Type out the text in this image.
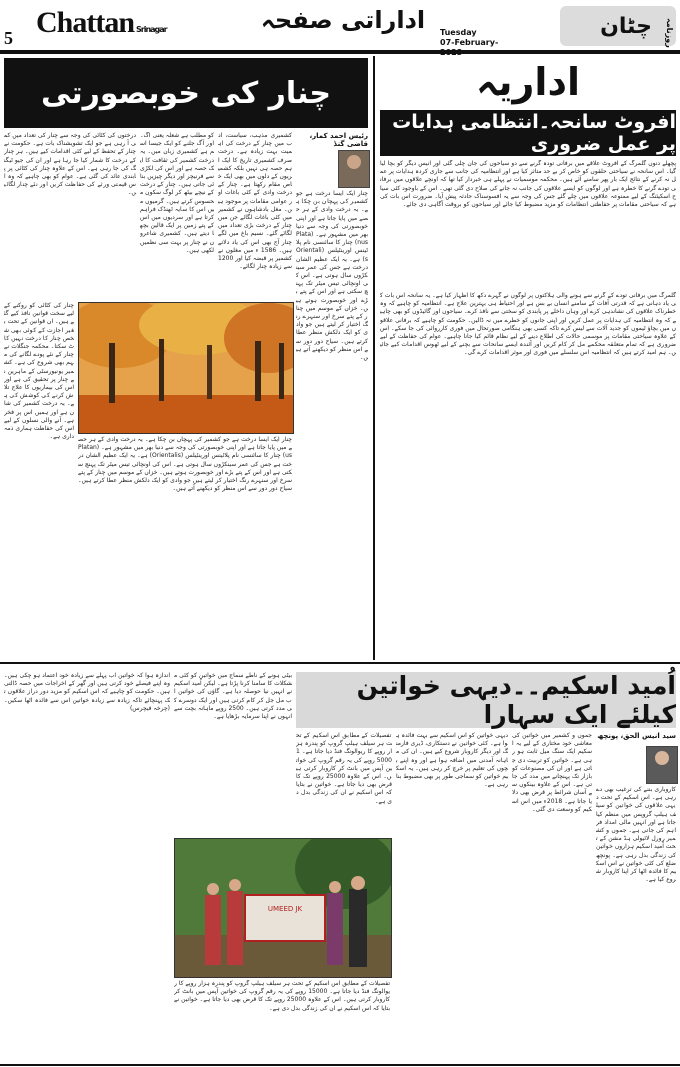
5 Chattan Srinagar	اداراتی صفحہ	Tuesday
07-February-
چٹان روزنامہ
چنار کی خوبصورتی
رئیس احمد کمار، قاضی گنڈ
چنار ایک ایسا درخت ہے جو کشمیر کی پہچان بن چکا ہے۔ یہ درخت وادی کے ہر حصے میں پایا جاتا ہے اور اپنی خوبصورتی کی وجہ سے دنیا بھر میں مشہور ہے۔ (Platanus) چنار کا سائنسی نام پلاٹینس اورینٹیلس (Orientalis) ہے۔ یہ ایک عظیم الشان درخت ہے جس کی عمر سینکڑوں سال ہوتی ہے۔ اس کی اونچائی تیس میٹر تک پہنچ سکتی ہے اور اس کے پتے بڑے اور خوبصورت ہوتے ہیں۔ خزاں کے موسم میں چنار کے پتے سرخ اور سنہرے رنگ اختیار کر لیتے ہیں جو وادی کو ایک دلکش منظر عطا کرتے ہیں۔ سیاح دور دور سے اس منظر کو دیکھنے آتے ہیں۔
کشمیری مذہب، سیاست، ادب میں چنار کے درخت کی اہمیت بہت زیادہ ہے۔ درخت صرف کشمیری تاریخ کا ایک اہم حصہ ہی نہیں بلکہ کشمیریوں کے دلوں میں بھی ایک خاص مقام رکھتا ہے۔ چنار کے درخت وادی کے کئی باغات اور عوامی مقامات پر موجود ہیں۔ مغل بادشاہوں نے کشمیر میں کئی باغات لگائے جن میں چنار کے درخت بڑی تعداد میں لگائے گئے۔ نسیم باغ میں لگے چنار آج بھی اس کی یاد دلاتے ہیں۔ 1586 ء میں مغلوں نے کشمیر پر قبضہ کیا اور 1200 سے زیادہ چنار لگائے۔
کو مطلب ہے شعلہ یعنی آگ۔ اور آگ جلنے کو ایک جیسا اسم ہے کشمیری زبان میں۔ یہ درخت کشمیر کی ثقافت کا ایک حصہ ہے اور اس کی لکڑی سے فرنیچر اور دیگر چیزیں بنائی جاتی ہیں۔ چنار کے درخت کے نیچے بیٹھ کر لوگ سکون محسوس کرتے ہیں۔ گرمیوں میں اس کا سایہ ٹھنڈک فراہم کرتا ہے اور سردیوں میں اس کے پتے زمین پر ایک قالین بچھا دیتے ہیں۔ کشمیری شاعروں نے چنار پر بہت سی نظمیں لکھی ہیں۔
درختوں کی کٹائی کی وجہ سے چنار کی تعداد میں کمی آ رہی ہے جو ایک تشویشناک بات ہے۔ حکومت نے چنار کے تحفظ کے لیے کئی اقدامات کیے ہیں۔ ہر چنار کے درخت کا شمار کیا جا رہا ہے اور ان کی جیو ٹیگنگ کی جا رہی ہے۔ اس کے علاوہ چنار کی کٹائی پر پابندی عائد کی گئی ہے۔ عوام کو بھی چاہیے کہ وہ اس قیمتی ورثے کی حفاظت کریں اور نئے چنار لگائیں۔
چنار کی کٹائی کو روکنے کے لیے سخت قوانین نافذ کیے گئے ہیں۔ ان قوانین کے تحت بغیر اجازت کے کوئی بھی شخص چنار کا درخت نہیں کاٹ سکتا۔ محکمہ جنگلات نے چنار کے نئے پودے لگانے کی مہم بھی شروع کی ہے۔ کشمیر یونیورسٹی کے ماہرین نے چنار پر تحقیق کی ہے اور اس کی بیماریوں کا علاج تلاش کرنے کی کوشش کی ہے۔ یہ درخت کشمیر کی شان ہے اور ہمیں اس پر فخر ہے۔ آنے والی نسلوں کے لیے اس کی حفاظت ہماری ذمہ داری ہے۔ چنار ایک ایسا درخت ہے جو کشمیر کی پہچان بن چکا ہے۔ یہ درخت وادی کے ہر حصے میں پایا جاتا ہے اور اپنی خوبصورتی کی وجہ سے دنیا بھر میں مشہور ہے۔ (Platanus) چنار کا سائنسی نام پلاٹینس اورینٹیلس (Orientalis) ہے۔ یہ ایک عظیم الشان درخت ہے جس کی عمر سینکڑوں سال ہوتی ہے۔ اس کی اونچائی تیس میٹر تک پہنچ سکتی ہے اور اس کے پتے بڑے اور خوبصورت ہوتے ہیں۔ خزاں کے موسم میں چنار کے پتے سرخ اور سنہرے رنگ اختیار کر لیتے ہیں جو وادی کو ایک دلکش منظر عطا کرتے ہیں۔ سیاح دور دور سے اس منظر کو دیکھنے آتے ہیں۔
اداریہ
افروٹ سانحہ۔انتظامی ہدایات پر عمل ضروری
پچھلے دنوں گلمرگ کے افروٹ علاقے میں برفانی تودہ گرنے سے دو سیاحوں کی جان چلی گئی اور انیس دیگر کو بچا لیا گیا۔ اس سانحہ نے سیاحتی حلقوں کو خاص کر بے حد متاثر کیا ہے اور انتظامیہ کی جانب سے جاری کردہ ہدایات پر عمل نہ کرنے کے نتائج ایک بار پھر سامنے آئے ہیں۔ محکمہ موسمیات نے پہلے ہی خبردار کیا تھا کہ اونچے علاقوں میں برفانی تودے گرنے کا خطرہ ہے اور لوگوں کو ایسے علاقوں کی جانب نہ جانے کی صلاح دی گئی تھی۔ اس کے باوجود کئی سیاح اسکیئنگ کے لیے ممنوعہ علاقوں میں چلے گئے جس کی وجہ سے یہ افسوسناک حادثہ پیش آیا۔ ضرورت اس بات کی ہے کہ سیاحتی مقامات پر حفاظتی انتظامات کو مزید مضبوط کیا جائے اور سیاحوں کو بروقت آگاہی دی جائے۔
گلمرگ میں برفانی تودے کے گرنے سے ہونے والی ہلاکتوں پر لوگوں نے گہرے دکھ کا اظہار کیا ہے۔ یہ سانحہ اس بات کی یاد دہانی ہے کہ قدرتی آفات کے سامنے انسان بے بس ہے اور احتیاط ہی بہترین علاج ہے۔ انتظامیہ کو چاہیے کہ وہ خطرناک علاقوں کی نشاندہی کرے اور وہاں داخلے پر پابندی کو سختی سے نافذ کرے۔ سیاحوں اور گائیڈوں کو بھی چاہیے کہ وہ انتظامیہ کی ہدایات پر عمل کریں اور اپنی جانوں کو خطرے میں نہ ڈالیں۔ حکومت کو چاہیے کہ برفانی علاقوں میں بچاؤ ٹیموں کو جدید آلات سے لیس کرے تاکہ کسی بھی ہنگامی صورتحال میں فوری کارروائی کی جا سکے۔ اس کے علاوہ سیاحتی مقامات پر موسمی حالات کی اطلاع دینے کے لیے نظام قائم کیا جانا چاہیے۔ عوام کی حفاظت کے لیے ضروری ہے کہ تمام متعلقہ محکمے مل کر کام کریں اور آئندہ ایسے سانحات سے بچنے کے لیے ٹھوس اقدامات کیے جائیں۔ ہم امید کرتے ہیں کہ انتظامیہ اس سلسلے میں فوری اور موثر اقدامات کرے گی۔
اُمید اسکیم۔۔دیہی خواتین کیلئے ایک سہارا
سید انیس الحق، پونچھ
کاروباری بننے کی ترغیب بھی دے رہی ہے۔ اس اسکیم کے تحت دیہی علاقوں کی خواتین کو سیلف ہیلپ گروپس میں منظم کیا جاتا ہے اور انہیں مالی امداد فراہم کی جاتی ہے۔ جموں و کشمیر رورل لائیولی ہڈ مشن کے تحت اُمید اسکیم ہزاروں خواتین کی زندگی بدل رہی ہے۔ پونچھ ضلع کی کئی خواتین نے اس اسکیم کا فائدہ اٹھا کر اپنا کاروبار شروع کیا ہے۔
جموں و کشمیر میں خواتین کی معاشی خود مختاری کے لیے یہ اسکیم ایک سنگ میل ثابت ہو رہی ہے۔ خواتین کو تربیت دی جاتی ہے اور ان کی مصنوعات کو بازار تک پہنچانے میں مدد کی جاتی ہے۔ اس کے علاوہ بینکوں سے آسان شرائط پر قرض بھی دلایا جاتا ہے۔ 2018ء میں اس اسکیم کو وسعت دی گئی۔
دیہی خواتین کو اس اسکیم سے بہت فائدہ ہوا ہے۔ کئی خواتین نے دستکاری، ڈیری فارمنگ اور دیگر کاروبار شروع کیے ہیں۔ ان کی ماہانہ آمدنی میں اضافہ ہوا ہے اور وہ اپنے بچوں کی تعلیم پر خرچ کر رہی ہیں۔ یہ اسکیم خواتین کو سماجی طور پر بھی مضبوط بنا رہی ہے۔
تفصیلات کے مطابق اس اسکیم کے تحت ہر سیلف ہیلپ گروپ کو پندرہ ہزار روپے کا ریوالونگ فنڈ دیا جاتا ہے۔ 15000 روپے کی یہ رقم گروپ کی خواتین آپس میں بانٹ کر کاروبار کرتی ہیں۔ اس کے علاوہ 25000 روپے تک کا قرض بھی دیا جاتا ہے۔ خواتین نے بتایا کہ اس اسکیم نے ان کی زندگی بدل دی ہے۔
بیٹی ہونے کے ناطے سماج میں خواتین کو کئی مشکلات کا سامنا کرنا پڑتا ہے۔ لیکن اُمید اسکیم نے انہیں نیا حوصلہ دیا ہے۔ گاؤں کی خواتین اب مل جل کر کام کرتی ہیں اور ایک دوسرے کی مدد کرتی ہیں۔ 2500 روپے ماہانہ بچت سے انہوں نے اپنا سرمایہ بڑھایا ہے۔
تفصیلات کے مطابق اس اسکیم کے تحت ہر سیلف ہیلپ گروپ کو پندرہ ہزار روپے کا ریوالونگ فنڈ دیا جاتا ہے۔ 15000 روپے کی یہ رقم گروپ کی خواتین آپس میں بانٹ کر کاروبار کرتی ہیں۔ اس کے علاوہ 25000 روپے تک کا قرض بھی دیا جاتا ہے۔ خواتین نے بتایا کہ اس اسکیم نے ان کی زندگی بدل دی ہے۔
اندازہ ہوا کہ خواتین اب پہلے سے زیادہ خود اعتماد ہو چکی ہیں۔ وہ اپنے فیصلے خود کرتی ہیں اور گھر کے اخراجات میں حصہ ڈالتی ہیں۔ حکومت کو چاہیے کہ اس اسکیم کو مزید دور دراز علاقوں تک پہنچائے تاکہ زیادہ سے زیادہ خواتین اس سے فائدہ اٹھا سکیں۔ (چرخہ فیچرس)
UMEED JK
